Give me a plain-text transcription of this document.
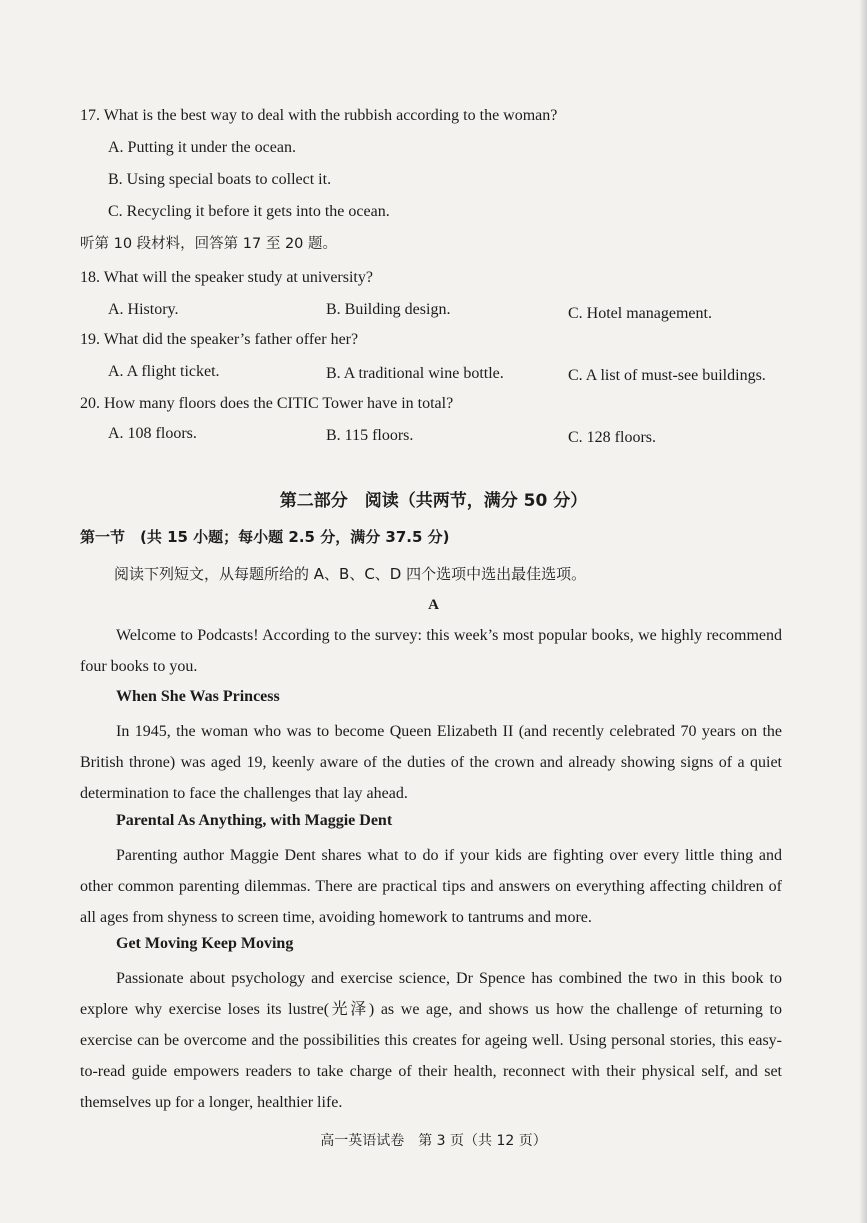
17. What is the best way to deal with the rubbish according to the woman?
A. Putting it under the ocean.
B. Using special boats to collect it.
C. Recycling it before it gets into the ocean.
听第 10 段材料，回答第 17 至 20 题。
18. What will the speaker study at university?
A. History.	B. Building design.	C. Hotel management.
19. What did the speaker’s father offer her?
A. A flight ticket.	B. A traditional wine bottle.	C. A list of must-see buildings.
20. How many floors does the CITIC Tower have in total?
A. 108 floors.	B. 115 floors.	C. 128 floors.
第二部分　阅读（共两节，满分 50 分）
第一节　(共 15 小题；每小题 2.5 分，满分 37.5 分)
阅读下列短文，从每题所给的 A、B、C、D 四个选项中选出最佳选项。
A
Welcome to Podcasts! According to the survey: this week’s most popular books, we highly recommend four books to you.
When She Was Princess
In 1945, the woman who was to become Queen Elizabeth II (and recently celebrated 70 years on the British throne) was aged 19, keenly aware of the duties of the crown and already showing signs of a quiet determination to face the challenges that lay ahead.
Parental As Anything, with Maggie Dent
Parenting author Maggie Dent shares what to do if your kids are fighting over every little thing and other common parenting dilemmas. There are practical tips and answers on everything affecting children of all ages from shyness to screen time, avoiding homework to tantrums and more.
Get Moving Keep Moving
Passionate about psychology and exercise science, Dr Spence has combined the two in this book to explore why exercise loses its lustre(光泽) as we age, and shows us how the challenge of returning to exercise can be overcome and the possibilities this creates for ageing well. Using personal stories, this easy-to-read guide empowers readers to take charge of their health, reconnect with their physical self, and set themselves up for a longer, healthier life.
高一英语试卷　第 3 页（共 12 页）
